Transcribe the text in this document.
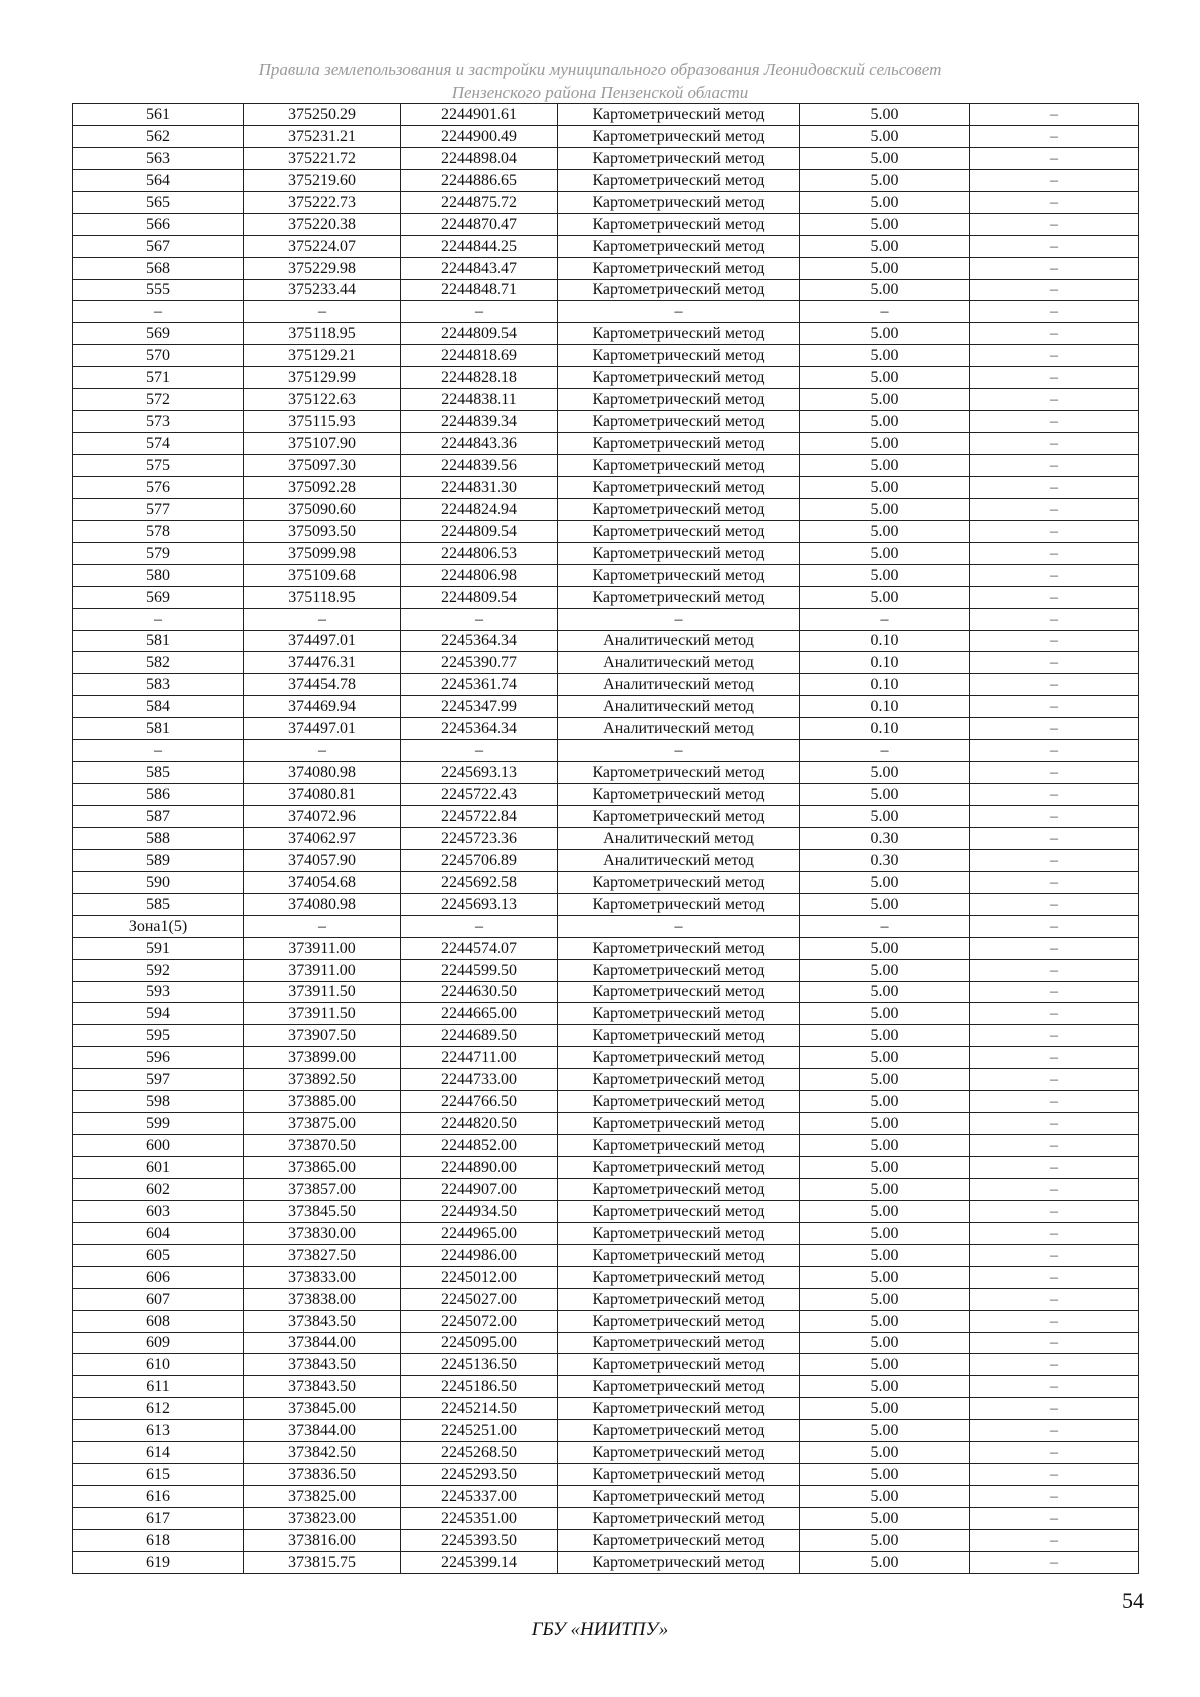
Правила землепользования и застройки муниципального образования Леонидовский сельсовет
Пензенского района Пензенской области
561	375250.29	2244901.61	Картометрический метод	5.00	–
562	375231.21	2244900.49	Картометрический метод	5.00	–
563	375221.72	2244898.04	Картометрический метод	5.00	–
564	375219.60	2244886.65	Картометрический метод	5.00	–
565	375222.73	2244875.72	Картометрический метод	5.00	–
566	375220.38	2244870.47	Картометрический метод	5.00	–
567	375224.07	2244844.25	Картометрический метод	5.00	–
568	375229.98	2244843.47	Картометрический метод	5.00	–
555	375233.44	2244848.71	Картометрический метод	5.00	–
–	–	–	–	–	–
569	375118.95	2244809.54	Картометрический метод	5.00	–
570	375129.21	2244818.69	Картометрический метод	5.00	–
571	375129.99	2244828.18	Картометрический метод	5.00	–
572	375122.63	2244838.11	Картометрический метод	5.00	–
573	375115.93	2244839.34	Картометрический метод	5.00	–
574	375107.90	2244843.36	Картометрический метод	5.00	–
575	375097.30	2244839.56	Картометрический метод	5.00	–
576	375092.28	2244831.30	Картометрический метод	5.00	–
577	375090.60	2244824.94	Картометрический метод	5.00	–
578	375093.50	2244809.54	Картометрический метод	5.00	–
579	375099.98	2244806.53	Картометрический метод	5.00	–
580	375109.68	2244806.98	Картометрический метод	5.00	–
569	375118.95	2244809.54	Картометрический метод	5.00	–
–	–	–	–	–	–
581	374497.01	2245364.34	Аналитический метод	0.10	–
582	374476.31	2245390.77	Аналитический метод	0.10	–
583	374454.78	2245361.74	Аналитический метод	0.10	–
584	374469.94	2245347.99	Аналитический метод	0.10	–
581	374497.01	2245364.34	Аналитический метод	0.10	–
–	–	–	–	–	–
585	374080.98	2245693.13	Картометрический метод	5.00	–
586	374080.81	2245722.43	Картометрический метод	5.00	–
587	374072.96	2245722.84	Картометрический метод	5.00	–
588	374062.97	2245723.36	Аналитический метод	0.30	–
589	374057.90	2245706.89	Аналитический метод	0.30	–
590	374054.68	2245692.58	Картометрический метод	5.00	–
585	374080.98	2245693.13	Картометрический метод	5.00	–
Зона1(5)	–	–	–	–	–
591	373911.00	2244574.07	Картометрический метод	5.00	–
592	373911.00	2244599.50	Картометрический метод	5.00	–
593	373911.50	2244630.50	Картометрический метод	5.00	–
594	373911.50	2244665.00	Картометрический метод	5.00	–
595	373907.50	2244689.50	Картометрический метод	5.00	–
596	373899.00	2244711.00	Картометрический метод	5.00	–
597	373892.50	2244733.00	Картометрический метод	5.00	–
598	373885.00	2244766.50	Картометрический метод	5.00	–
599	373875.00	2244820.50	Картометрический метод	5.00	–
600	373870.50	2244852.00	Картометрический метод	5.00	–
601	373865.00	2244890.00	Картометрический метод	5.00	–
602	373857.00	2244907.00	Картометрический метод	5.00	–
603	373845.50	2244934.50	Картометрический метод	5.00	–
604	373830.00	2244965.00	Картометрический метод	5.00	–
605	373827.50	2244986.00	Картометрический метод	5.00	–
606	373833.00	2245012.00	Картометрический метод	5.00	–
607	373838.00	2245027.00	Картометрический метод	5.00	–
608	373843.50	2245072.00	Картометрический метод	5.00	–
609	373844.00	2245095.00	Картометрический метод	5.00	–
610	373843.50	2245136.50	Картометрический метод	5.00	–
611	373843.50	2245186.50	Картометрический метод	5.00	–
612	373845.00	2245214.50	Картометрический метод	5.00	–
613	373844.00	2245251.00	Картометрический метод	5.00	–
614	373842.50	2245268.50	Картометрический метод	5.00	–
615	373836.50	2245293.50	Картометрический метод	5.00	–
616	373825.00	2245337.00	Картометрический метод	5.00	–
617	373823.00	2245351.00	Картометрический метод	5.00	–
618	373816.00	2245393.50	Картометрический метод	5.00	–
619	373815.75	2245399.14	Картометрический метод	5.00	–
54
ГБУ «НИИТПУ»
